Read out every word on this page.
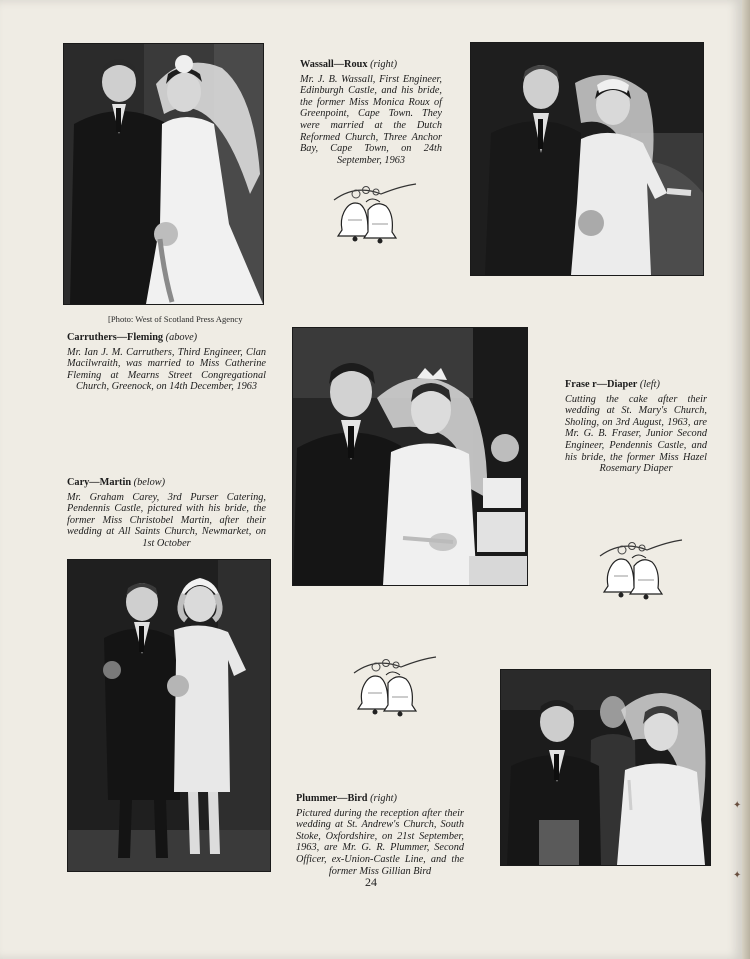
[Photo: West of Scotland Press Agency
Wassall—Roux (right)
Mr. J. B. Wassall, First Engineer, Edinburgh Castle, and his bride, the former Miss Monica Roux of Greenpoint, Cape Town. They were married at the Dutch Reformed Church, Three Anchor Bay, Cape Town, on 24th September, 1963
Carruthers—Fleming (above)
Mr. Ian J. M. Carruthers, Third Engineer, Clan Macilwraith, was married to Miss Catherine Fleming at Mearns Street Congregational Church, Greenock, on 14th December, 1963	Frase r—Diaper (left)
Cutting the cake after their wedding at St. Mary's Church, Sholing, on 3rd August, 1963, are Mr. G. B. Fraser, Junior Second Engineer, Pendennis Castle, and his bride, the former Miss Hazel Rosemary Diaper
Cary—Martin (below)
Mr. Graham Carey, 3rd Purser Catering, Pendennis Castle, pictured with his bride, the former Miss Christobel Martin, after their wedding at All Saints Church, Newmarket, on 1st October
Plummer—Bird (right)
Pictured during the reception after their wedding at St. Andrew's Church, South Stoke, Oxfordshire, on 21st September, 1963, are Mr. G. R. Plummer, Second Officer, ex-Union-Castle Line, and the former Miss Gillian Bird
24
✦
✦
